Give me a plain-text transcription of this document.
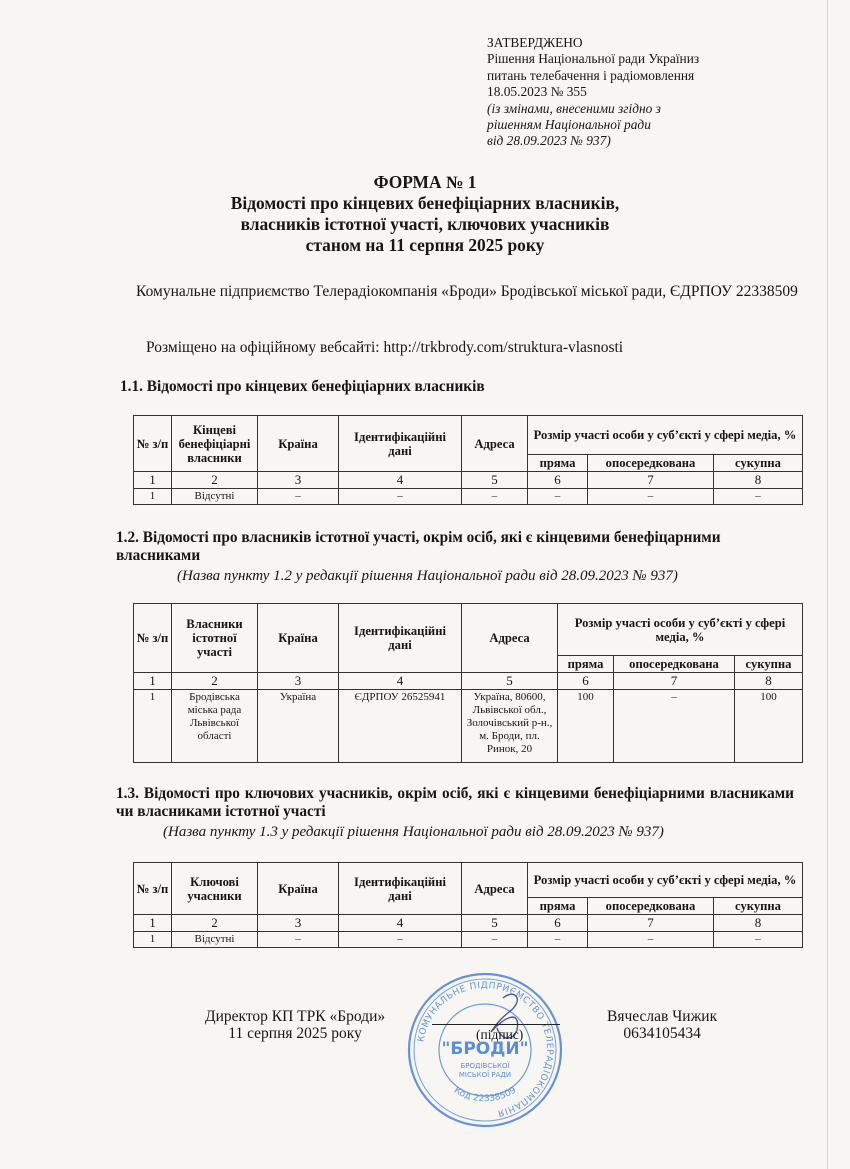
ЗАТВЕРДЖЕНО
Рішення Національної ради Україниз
питань телебачення і радіомовлення
18.05.2023 № 355
(із змінами, внесеними згідно з
рішенням Національної ради
від 28.09.2023 № 937)
ФОРМА № 1
Відомості про кінцевих бенефіціарних власників,
власників істотної участі, ключових учасників
станом на 11 серпня 2025 року
Комунальне підприємство Телерадіокомпанія «Броди» Бродівської міської ради, ЄДРПОУ 22338509
Розміщено на офіційному вебсайті: http://trkbrody.com/struktura-vlasnosti
1.1. Відомості про кінцевих бенефіціарних власників
№ з/п	Кінцеві бенефіціарні власники	Країна	Ідентифікаційні дані	Адреса	Розмір участі особи у суб’єкті у сфері медіа, %		
					пряма	опосередкована	сукупна
1	2	3	4	5	6	7	8
1	Відсутні	–	–	–	–	–	–
1.2. Відомості про власників істотної участі, окрім осіб, які є кінцевими бенефіцарними власниками
(Назва пункту 1.2 у редакції рішення Національної ради від 28.09.2023 № 937)
№ з/п	Власники істотної участі	Країна	Ідентифікаційні дані	Адреса	Розмір участі особи у суб’єкті у сфері медіа, %		
					пряма	опосередкована	сукупна
1	2	3	4	5	6	7	8
1	Бродівська міська рада Львівської області	Україна	ЄДРПОУ 26525941	Україна, 80600, Львівської обл., Золочівський р-н., м. Броди, пл. Ринок, 20	100	–	100
1.3. Відомості про ключових учасників, окрім осіб, які є кінцевими бенефіціарними власниками чи власниками істотної участі
(Назва пункту 1.3 у редакції рішення Національної ради від 28.09.2023 № 937)
№ з/п	Ключові учасники	Країна	Ідентифікаційні дані	Адреса	Розмір участі особи у суб’єкті у сфері медіа, %		
					пряма	опосередкована	сукупна
1	2	3	4	5	6	7	8
1	Відсутні	–	–	–	–	–	–
Директор КП ТРК «Броди»
11 серпня 2025 року	КОМУНАЛЬНЕ ПІДПРИЄМСТВО ТЕЛЕРАДІОКОМПАНІЯ
Код 22338509
"БРОДИ"
БРОДІВСЬКОЇ
МІСЬКОЇ РАДИ
(підпис)
Вячеслав Чижик
0634105434
